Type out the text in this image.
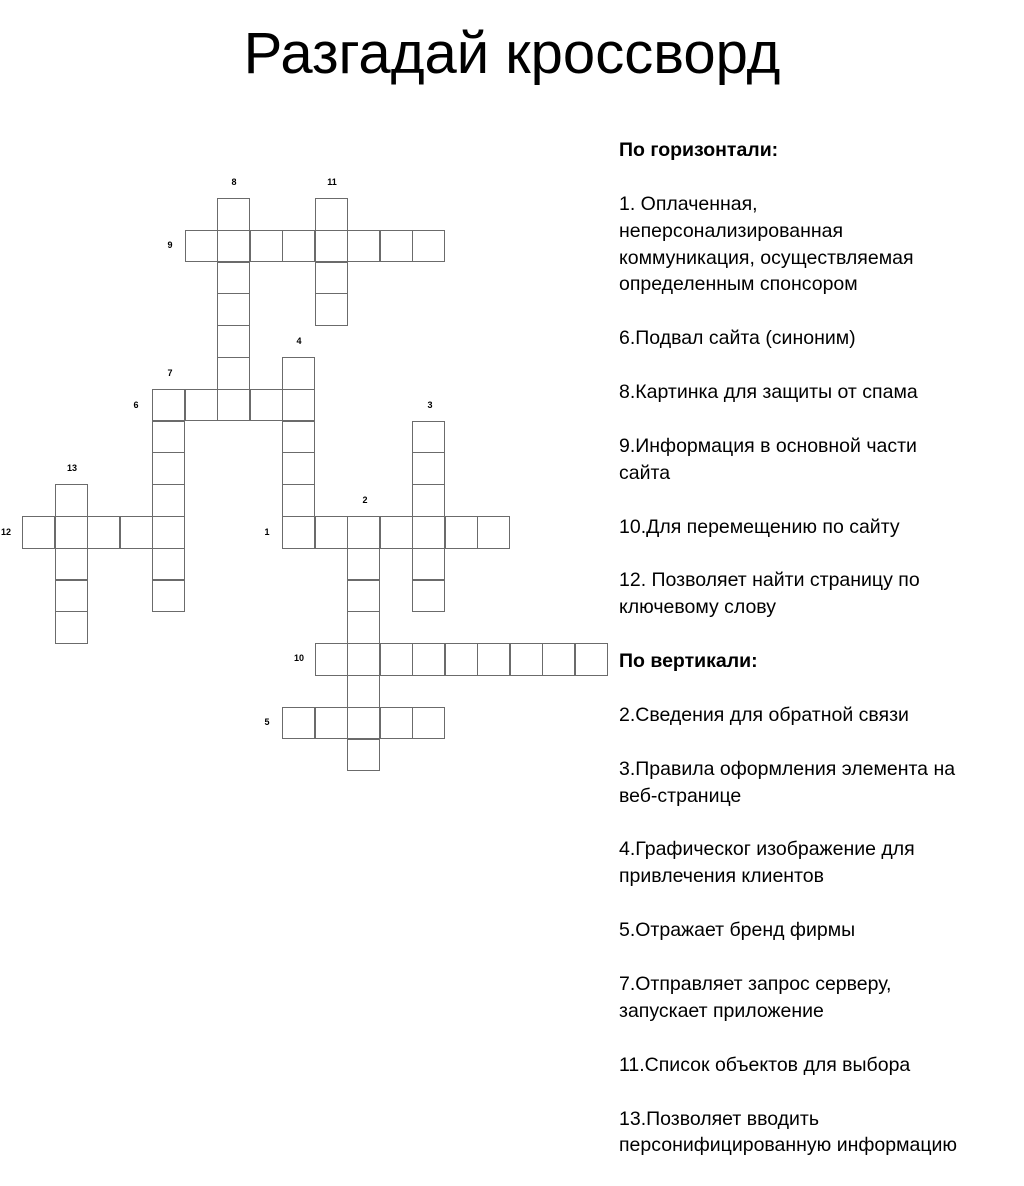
Разгадай кроссворд
8	11
9
4
7
6	3
13
2
12	1
10
5

По горизонтали:

1. Оплаченная,
неперсонализированная
коммуникация, осуществляемая
определенным спонсором

6.Подвал сайта (синоним)

8.Картинка для защиты от спама

9.Информация в основной части
сайта

10.Для перемещению по сайту

12. Позволяет найти страницу по
ключевому слову

По вертикали:

2.Сведения для обратной связи

3.Правила оформления элемента на
веб-странице

4.Графическог изображение для
привлечения клиентов

5.Отражает бренд фирмы

7.Отправляет запрос серверу,
запускает приложение

11.Список объектов для выбора

13.Позволяет вводить
персонифицированную информацию
